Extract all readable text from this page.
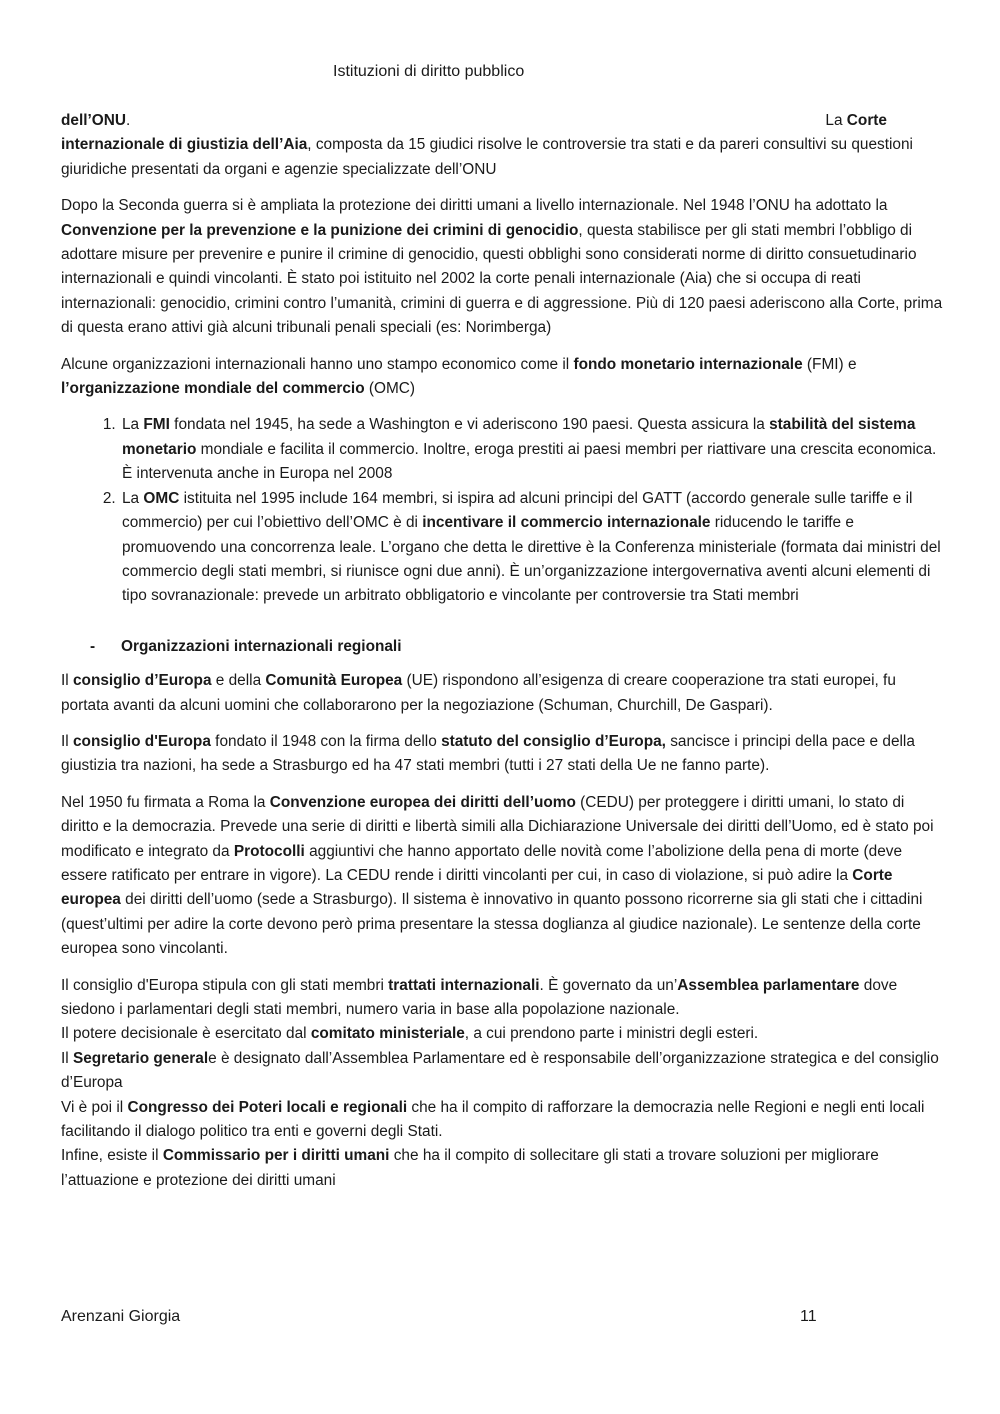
Istituzioni di diritto pubblico
dell’ONU.	La Corte
internazionale di giustizia dell’Aia, composta da 15 giudici risolve le controversie tra stati e da pareri consultivi su questioni giuridiche presentati da organi e agenzie specializzate dell’ONU

Dopo la Seconda guerra si è ampliata la protezione dei diritti umani a livello internazionale. Nel 1948 l’ONU ha adottato la Convenzione per la prevenzione e la punizione dei crimini di genocidio, questa stabilisce per gli stati membri l’obbligo di adottare misure per prevenire e punire il crimine di genocidio, questi obblighi sono considerati norme di diritto consuetudinario internazionali e quindi vincolanti. È stato poi istituito nel 2002 la corte penali internazionale (Aia) che si occupa di reati internazionali: genocidio, crimini contro l’umanità, crimini di guerra e di aggressione. Più di 120 paesi aderiscono alla Corte, prima di questa erano attivi già alcuni tribunali penali speciali (es: Norimberga)

Alcune organizzazioni internazionali hanno uno stampo economico come il fondo monetario internazionale (FMI) e l’organizzazione mondiale del commercio (OMC)

1. La FMI fondata nel 1945, ha sede a Washington e vi aderiscono 190 paesi. Questa assicura la stabilità del sistema monetario mondiale e facilita il commercio. Inoltre, eroga prestiti ai paesi membri per riattivare una crescita economica. È intervenuta anche in Europa nel 2008
2. La OMC istituita nel 1995 include 164 membri, si ispira ad alcuni principi del GATT (accordo generale sulle tariffe e il commercio) per cui l’obiettivo dell’OMC è di incentivare il commercio internazionale riducendo le tariffe e promuovendo una concorrenza leale. L’organo che detta le direttive è la Conferenza ministeriale (formata dai ministri del commercio degli stati membri, si riunisce ogni due anni). È un’organizzazione intergovernativa aventi alcuni elementi di tipo sovranazionale: prevede un arbitrato obbligatorio e vincolante per controversie tra Stati membri
-	Organizzazioni internazionali regionali

Il consiglio d’Europa e della Comunità Europea (UE) rispondono all’esigenza di creare cooperazione tra stati europei, fu portata avanti da alcuni uomini che collaborarono per la negoziazione (Schuman, Churchill, De Gaspari).

Il consiglio d'Europa fondato il 1948 con la firma dello statuto del consiglio d’Europa, sancisce i principi della pace e della giustizia tra nazioni, ha sede a Strasburgo ed ha 47 stati membri (tutti i 27 stati della Ue ne fanno parte).

Nel 1950 fu firmata a Roma la Convenzione europea dei diritti dell’uomo (CEDU) per proteggere i diritti umani, lo stato di diritto e la democrazia. Prevede una serie di diritti e libertà simili alla Dichiarazione Universale dei diritti dell’Uomo, ed è stato poi modificato e integrato da Protocolli aggiuntivi che hanno apportato delle novità come l’abolizione della pena di morte (deve essere ratificato per entrare in vigore). La CEDU rende i diritti vincolanti per cui, in caso di violazione, si può adire la Corte europea dei diritti dell’uomo (sede a Strasburgo). Il sistema è innovativo in quanto possono ricorrerne sia gli stati che i cittadini (quest’ultimi per adire la corte devono però prima presentare la stessa doglianza al giudice nazionale). Le sentenze della corte europea sono vincolanti.

Il consiglio d'Europa stipula con gli stati membri trattati internazionali. È governato da un’Assemblea parlamentare dove siedono i parlamentari degli stati membri, numero varia in base alla popolazione nazionale.
Il potere decisionale è esercitato dal comitato ministeriale, a cui prendono parte i ministri degli esteri.
Il Segretario generale è designato dall’Assemblea Parlamentare ed è responsabile dell’organizzazione strategica e del consiglio d’Europa
Vi è poi il Congresso dei Poteri locali e regionali che ha il compito di rafforzare la democrazia nelle Regioni e negli enti locali facilitando il dialogo politico tra enti e governi degli Stati.
Infine, esiste il Commissario per i diritti umani che ha il compito di sollecitare gli stati a trovare soluzioni per migliorare l’attuazione e protezione dei diritti umani
Arenzani Giorgia	11
